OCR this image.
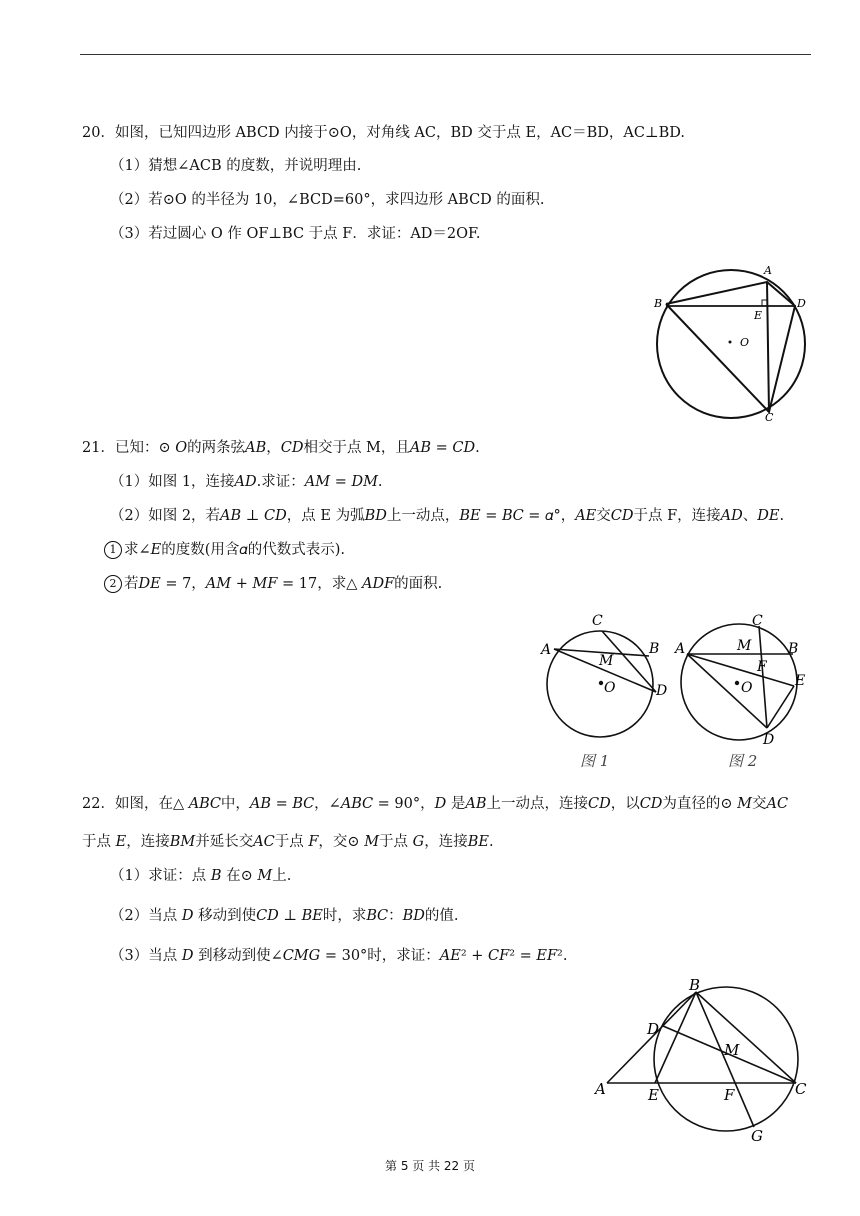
20．如图，已知四边形 ABCD 内接于⊙O，对角线 AC，BD 交于点 E，AC＝BD，AC⊥BD.
（1）猜想∠ACB 的度数，并说明理由.
（2）若⊙O 的半径为 10，∠BCD=60°，求四边形 ABCD 的面积.
（3）若过圆心 O 作 OF⊥BC 于点 F．求证：AD＝2OF.
A
B
C
D
E
O
21．已知：⊙ 𝑂的两条弦𝐴𝐵，𝐶𝐷相交于点 M，且𝐴𝐵 = 𝐶𝐷.
（1）如图 1，连接𝐴𝐷.求证：𝐴𝑀 = 𝐷𝑀.
（2）如图 2，若𝐴𝐵 ⊥ 𝐶𝐷，点 E 为弧𝐵𝐷上一动点，𝐵𝐸 = 𝐵𝐶 = 𝛼°，𝐴𝐸交𝐶𝐷于点 F，连接𝐴𝐷、𝐷𝐸.
1 求∠𝐸的度数(用含𝛼的代数式表示).
2 若𝐷𝐸 = 7，𝐴𝑀 + 𝑀𝐹 = 17，求△ 𝐴𝐷𝐹的面积.
A
C
B
M
O	D
图 1
A
C
B
M
F
O	E
D
图 2
22．如图，在△ 𝐴𝐵𝐶中，𝐴𝐵 = 𝐵𝐶，∠𝐴𝐵𝐶 = 90°，𝐷 是𝐴𝐵上一动点，连接𝐶𝐷，以𝐶𝐷为直径的⊙ 𝑀交𝐴𝐶
于点 𝐸，连接𝐵𝑀并延长交𝐴𝐶于点 𝐹，交⊙ 𝑀于点 𝐺，连接𝐵𝐸.
（1）求证：点 𝐵 在⊙ 𝑀上.
（2）当点 𝐷 移动到使𝐶𝐷 ⊥ 𝐵𝐸时，求𝐵𝐶：𝐵𝐷的值.
（3）当点 𝐷 到移动到使∠𝐶𝑀𝐺 = 30°时，求证：𝐴𝐸² + 𝐶𝐹² = 𝐸𝐹².
A
B
C
D
E	F
G
M
第 5 页 共 22 页
